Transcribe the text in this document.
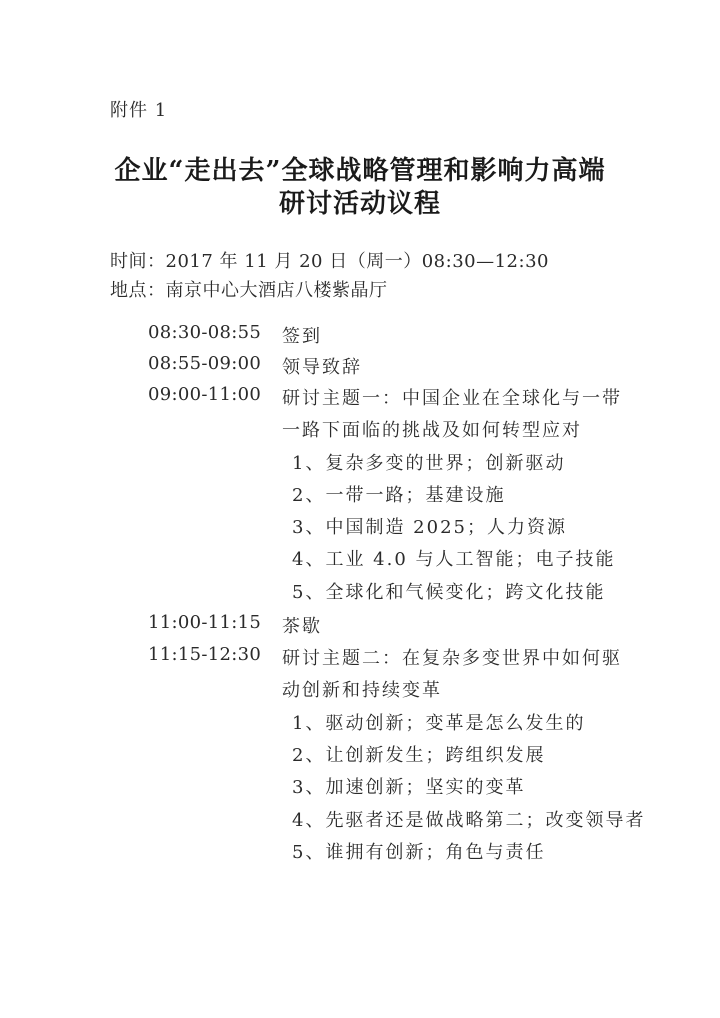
附件 1
企业“走出去”全球战略管理和影响力高端
研讨活动议程
时间：2017 年 11 月 20 日（周一）08:30—12:30
地点：南京中心大酒店八楼紫晶厅
08:30-08:55 签到
08:55-09:00 领导致辞
09:00-11:00 研讨主题一：中国企业在全球化与一带
一路下面临的挑战及如何转型应对
1、复杂多变的世界；创新驱动
2、一带一路；基建设施
3、中国制造 2025；人力资源
4、工业 4.0 与人工智能；电子技能
5、全球化和气候变化；跨文化技能
11:00-11:15 茶歇
11:15-12:30 研讨主题二：在复杂多变世界中如何驱
动创新和持续变革
1、驱动创新；变革是怎么发生的
2、让创新发生；跨组织发展
3、加速创新；坚实的变革
4、先驱者还是做战略第二；改变领导者
5、谁拥有创新；角色与责任
